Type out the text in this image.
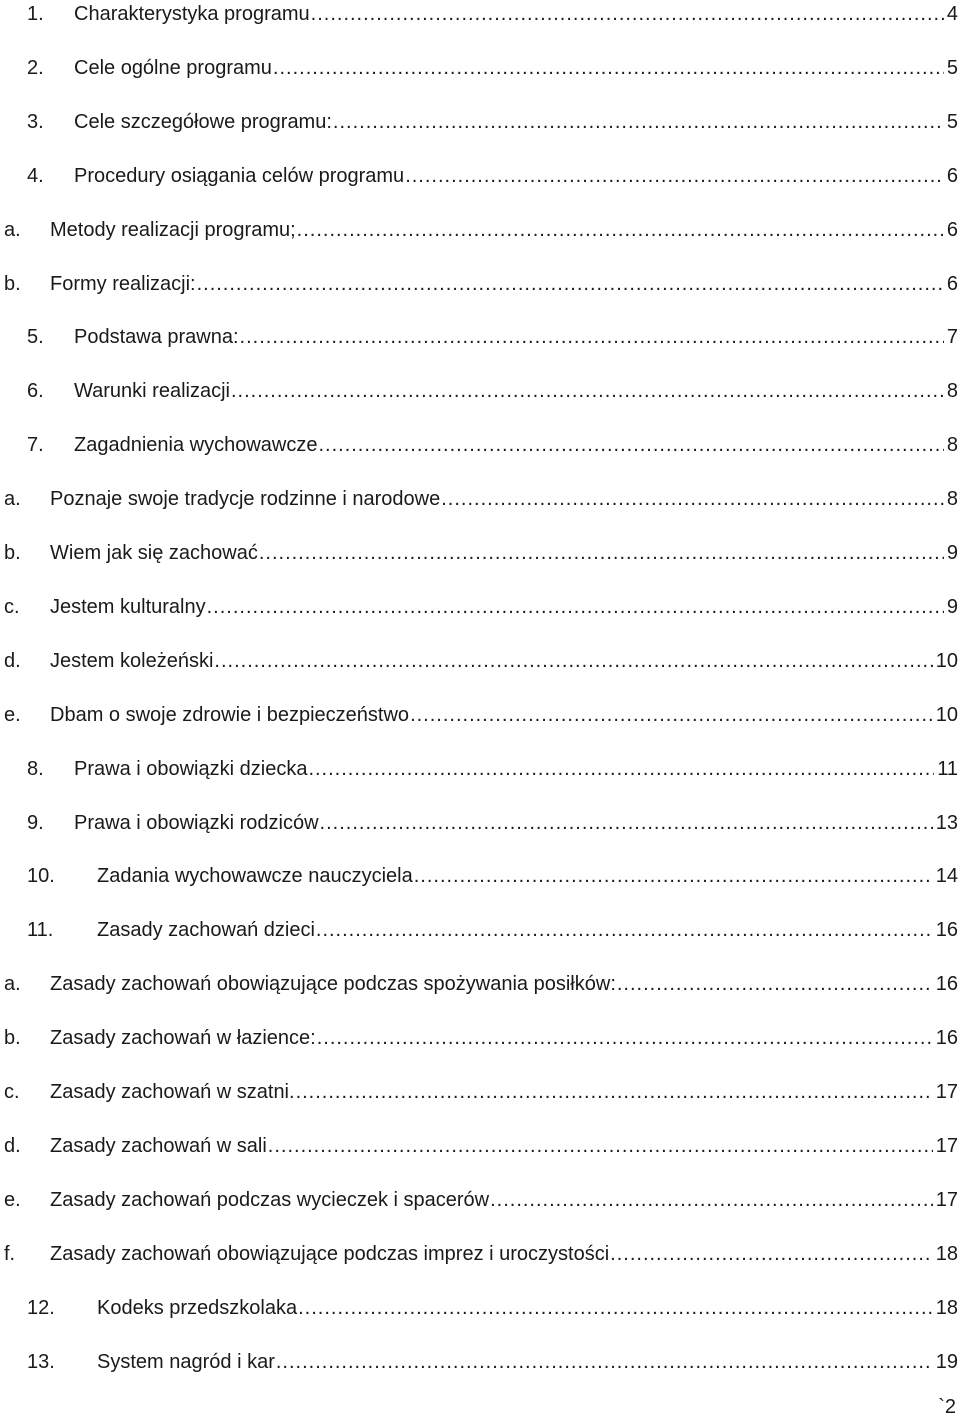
1.	Charakterystyka programu .....	4
2.	Cele ogólne programu .....	5
3.	Cele szczegółowe programu: .....	5
4.	Procedury osiągania celów programu .....	6
a.	Metody realizacji programu; .....	6
b.	Formy realizacji: .....	6
5.	Podstawa prawna: .....	7
6.	Warunki realizacji .....	8
7.	Zagadnienia wychowawcze .....	8
a.	Poznaje swoje tradycje rodzinne i narodowe .....	8
b.	Wiem jak się zachować .....	9
c.	Jestem kulturalny .....	9
d.	Jestem koleżeński .....	10
e.	Dbam o swoje zdrowie i bezpieczeństwo .....	10
8.	Prawa i obowiązki dziecka .....	11
9.	Prawa i obowiązki rodziców .....	13
10.	Zadania wychowawcze nauczyciela .....	14
11.	Zasady zachowań dzieci .....	16
a.	Zasady zachowań obowiązujące podczas spożywania posiłków: .....	16
b.	Zasady zachowań w łazience: .....	16
c.	Zasady zachowań w szatni. .....	17
d.	Zasady zachowań w sali .....	17
e.	Zasady zachowań podczas wycieczek i spacerów .....	17
f.	Zasady zachowań obowiązujące podczas imprez i uroczystości .....	18
12.	Kodeks przedszkolaka .....	18
13.	System nagród i kar .....	19
`2
